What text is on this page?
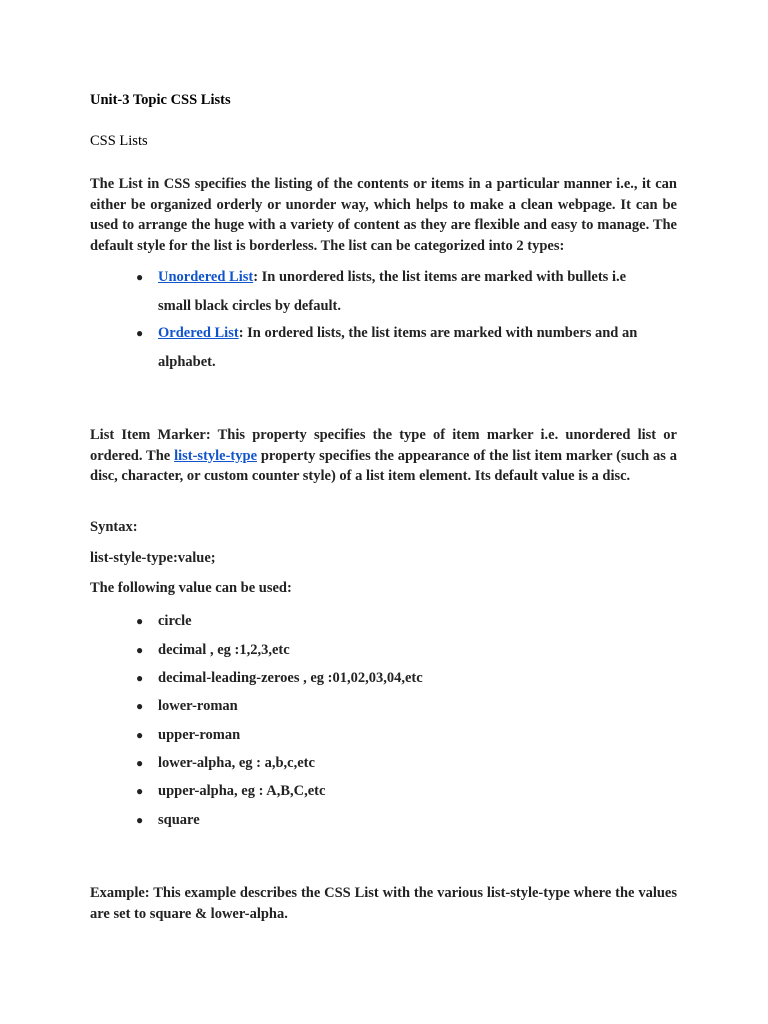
Unit-3 Topic CSS Lists

CSS Lists

The List in CSS specifies the listing of the contents or items in a particular manner i.e., it can either be organized orderly or unorder way, which helps to make a clean webpage. It can be used to arrange the huge with a variety of content as they are flexible and easy to manage. The default style for the list is borderless. The list can be categorized into 2 types:

● Unordered List: In unordered lists, the list items are marked with bullets i.e small black circles by default.
● Ordered List: In ordered lists, the list items are marked with numbers and an alphabet.

List Item Marker: This property specifies the type of item marker i.e. unordered list or ordered. The list-style-type property specifies the appearance of the list item marker (such as a disc, character, or custom counter style) of a list item element. Its default value is a disc.

Syntax:

list-style-type:value;

The following value can be used:

● circle
● decimal , eg :1,2,3,etc
● decimal-leading-zeroes , eg :01,02,03,04,etc
● lower-roman
● upper-roman
● lower-alpha, eg : a,b,c,etc
● upper-alpha, eg : A,B,C,etc
● square

Example: This example describes the CSS List with the various list-style-type where the values are set to square & lower-alpha.
